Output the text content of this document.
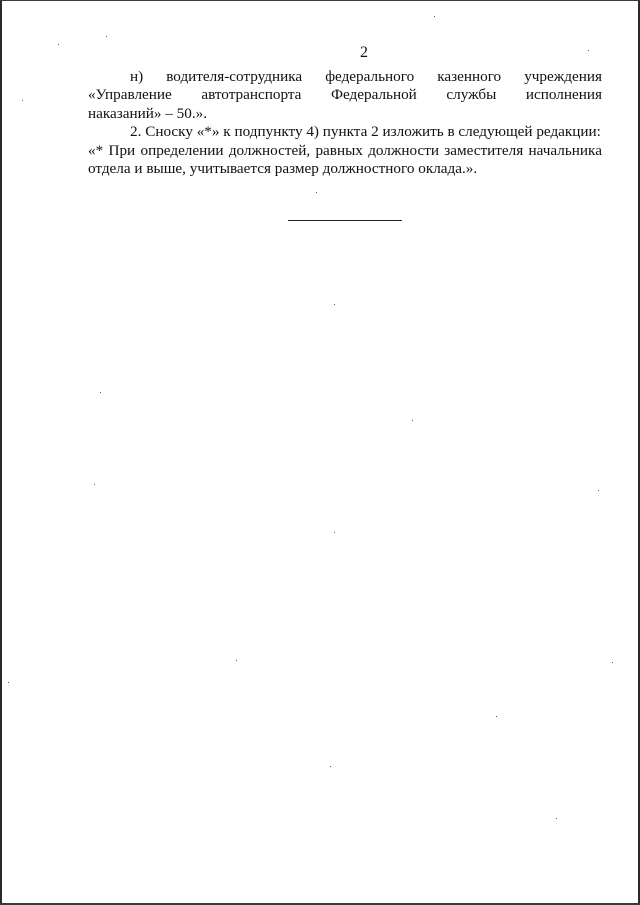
2
н) водителя-сотрудника федерального казенного учреждения
«Управление автотранспорта Федеральной службы исполнения
наказаний» – 50.».
2. Сноску «*» к подпункту 4) пункта 2 изложить в следующей редакции:
«* При определении должностей, равных должности заместителя начальника
отдела и выше, учитывается размер должностного оклада.».
